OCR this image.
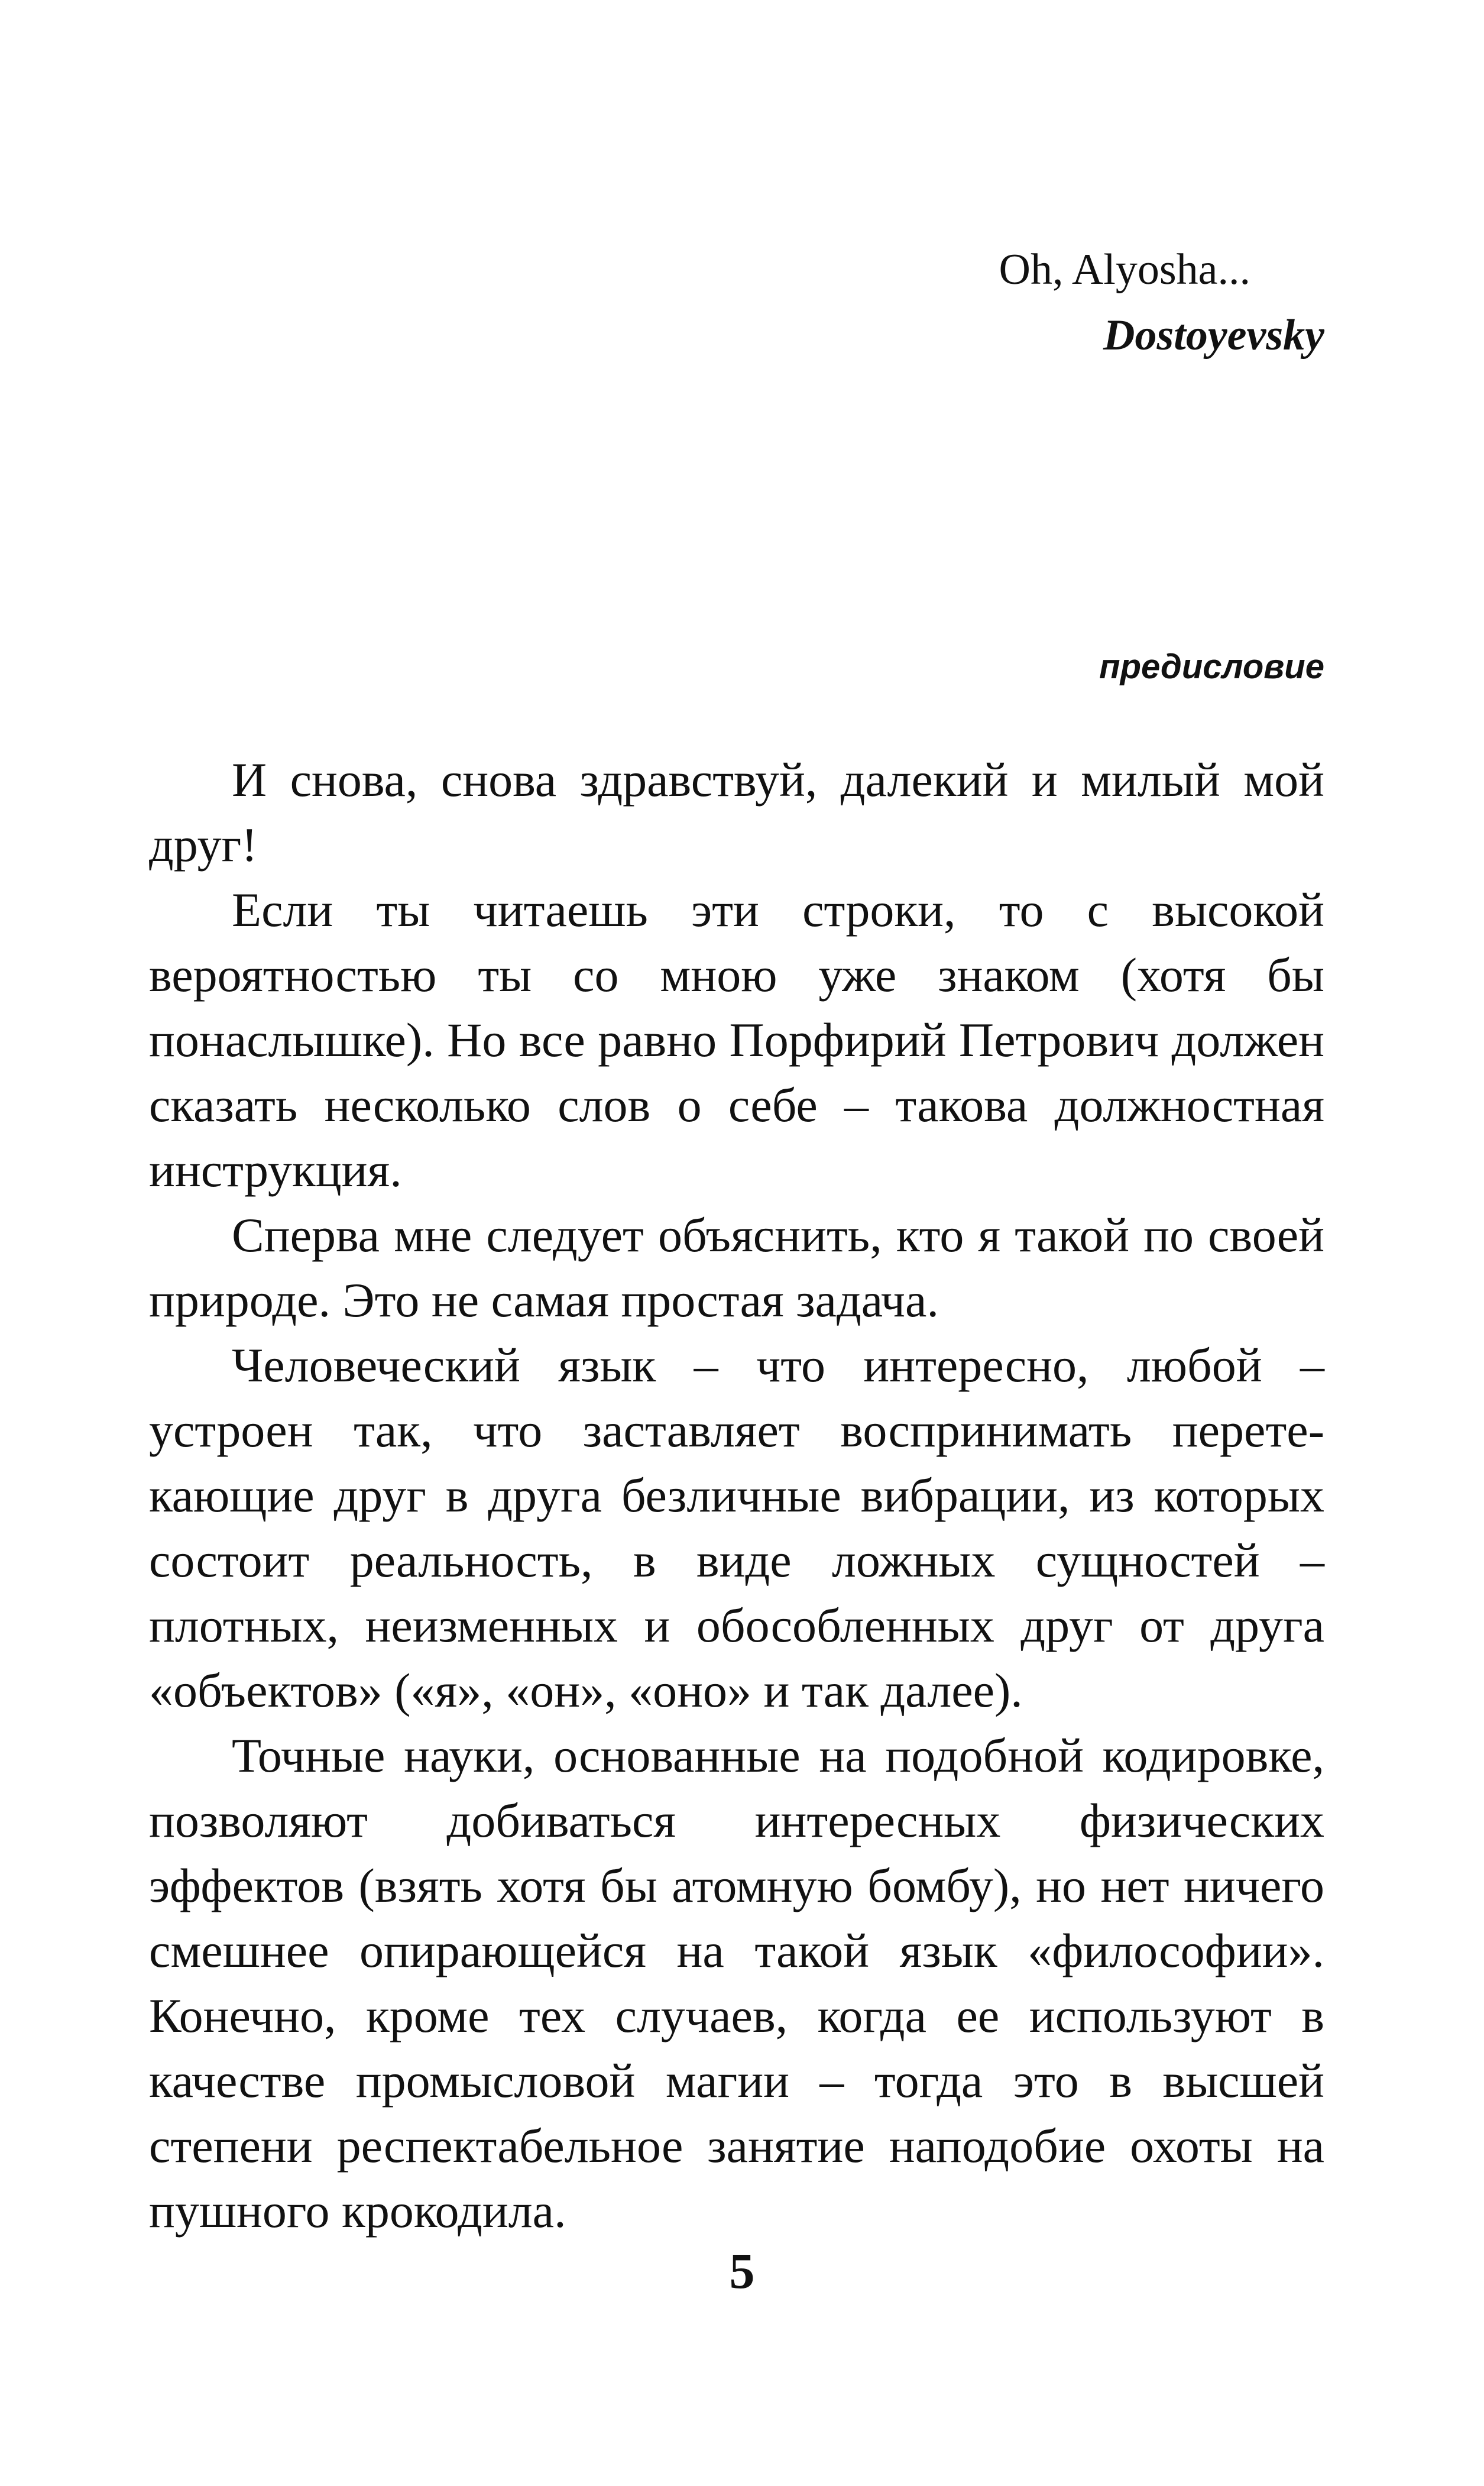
Oh, Alyosha...
Dostoyevsky
предисловие

И снова, снова здравствуй, далекий и милый мой друг!

Если ты читаешь эти строки, то с высокой вероятностью ты со мною уже знаком (хотя бы понаслышке). Но все равно Порфирий Петрович должен сказать несколько слов о себе – такова должностная инструкция.

Сперва мне следует объяснить, кто я такой по своей природе. Это не самая простая задача.

Человеческий язык – что интересно, любой – устроен так, что заставляет воспринимать перетекающие друг в друга безличные вибрации, из которых состоит реальность, в виде ложных сущностей – плотных, неизменных и обособленных друг от друга «объектов» («я», «он», «оно» и так далее).

Точные науки, основанные на подобной кодировке, позволяют добиваться интересных физических эффектов (взять хотя бы атомную бомбу), но нет ничего смешнее опирающейся на такой язык «философии». Конечно, кроме тех случаев, когда ее используют в качестве промысловой магии – тогда это в высшей степени респектабельное занятие наподобие охоты на пушного крокодила.

5
